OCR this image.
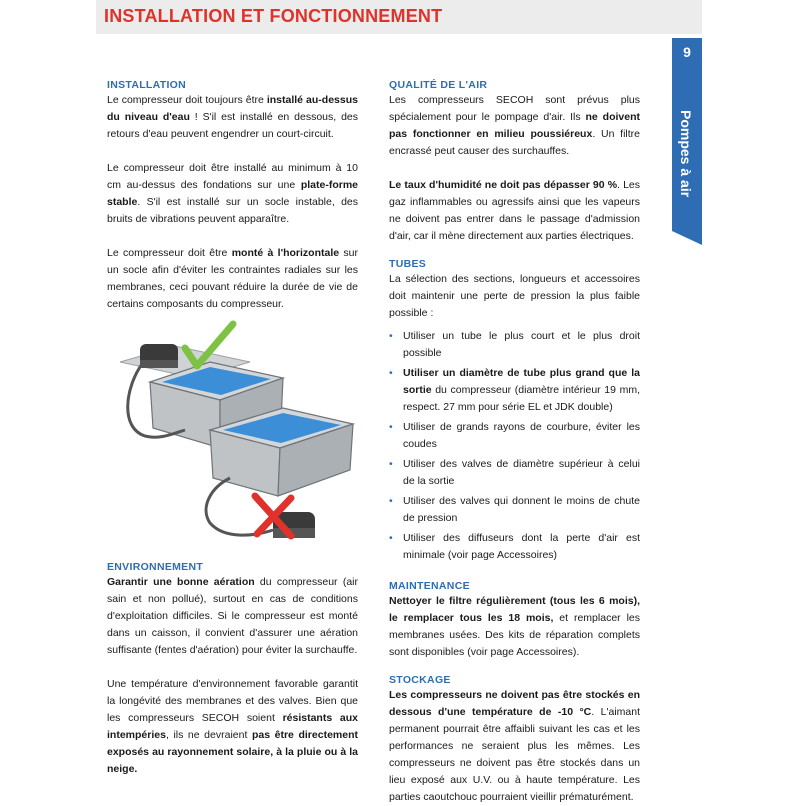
INSTALLATION ET FONCTIONNEMENT
9
Pompes à air
INSTALLATION

Le compresseur doit toujours être installé au-dessus du niveau d'eau ! S'il est installé en dessous, des retours d'eau peuvent engendrer un court-circuit.

Le compresseur doit être installé au minimum à 10 cm au-dessus des fondations sur une plate-forme stable. S'il est installé sur un socle instable, des bruits de vibrations peuvent apparaître.

Le compresseur doit être monté à l'horizontale sur un socle afin d'éviter les contraintes radiales sur les membranes, ceci pouvant réduire la durée de vie de certains composants du compresseur.

ENVIRONNEMENT

Garantir une bonne aération du compresseur (air sain et non pollué), surtout en cas de conditions d'exploitation difficiles. Si le compresseur est monté dans un caisson, il convient d'assurer une aération suffisante (fentes d'aération) pour éviter la surchauffe.

Une température d'environnement favorable garantit la longévité des membranes et des valves. Bien que les compresseurs SECOH soient résistants aux intempéries, ils ne devraient pas être directement exposés au rayonnement solaire, à la pluie ou à la neige.

QUALITÉ DE L'AIR

Les compresseurs SECOH sont prévus plus spécialement pour le pompage d'air. Ils ne doivent pas fonctionner en milieu poussiéreux. Un filtre encrassé peut causer des surchauffes.

Le taux d'humidité ne doit pas dépasser 90 %. Les gaz inflammables ou agressifs ainsi que les vapeurs ne doivent pas entrer dans le passage d'admission d'air, car il mène directement aux parties électriques.

TUBES

La sélection des sections, longueurs et accessoires doit maintenir une perte de pression la plus faible possible :

• Utiliser un tube le plus court et le plus droit possible
• Utiliser un diamètre de tube plus grand que la sortie du compresseur (diamètre intérieur 19 mm, respect. 27 mm pour série EL et JDK double)
• Utiliser de grands rayons de courbure, éviter les coudes
• Utiliser des valves de diamètre supérieur à celui de la sortie
• Utiliser des valves qui donnent le moins de chute de pression
• Utiliser des diffuseurs dont la perte d'air est minimale (voir page Accessoires)
MAINTENANCE

Nettoyer le filtre régulièrement (tous les 6 mois), le remplacer tous les 18 mois, et remplacer les membranes usées. Des kits de réparation complets sont disponibles (voir page Accessoires).

STOCKAGE

Les compresseurs ne doivent pas être stockés en dessous d'une température de -10 °C. L'aimant permanent pourrait être affaibli suivant les cas et les performances ne seraient plus les mêmes. Les compresseurs ne doivent pas être stockés dans un lieu exposé aux U.V. ou à haute température. Les parties caoutchouc pourraient vieillir prématurément.
